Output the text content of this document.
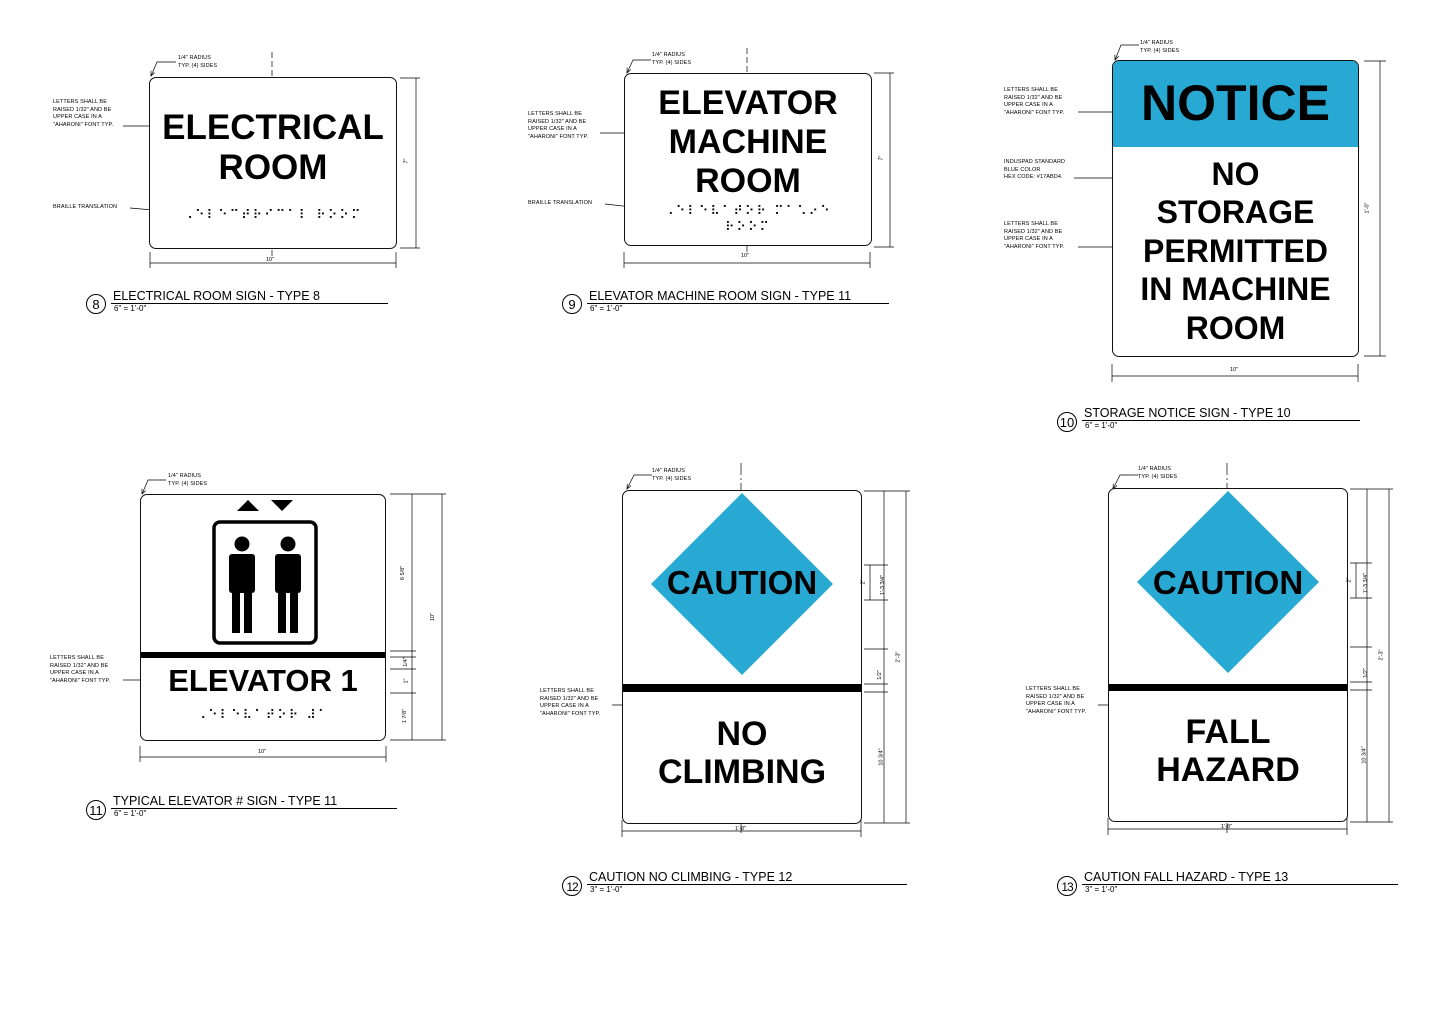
1/4" RADIUS
TYP. (4) SIDES
LETTERS SHALL BE
RAISED 1/32" AND BE
UPPER CASE IN A
"AHARONI" FONT TYP.
BRAILLE TRANSLATION
ELECTRICAL
ROOM
⠠⠑⠇⠑⠉⠞⠗⠊⠉⠁⠇ ⠗⠕⠕⠍
10"
7"
8
ELECTRICAL ROOM SIGN - TYPE 8
6" = 1'-0"
1/4" RADIUS
TYP. (4) SIDES
LETTERS SHALL BE
RAISED 1/32" AND BE
UPPER CASE IN A
"AHARONI" FONT TYP.
BRAILLE TRANSLATION
ELEVATOR
MACHINE
ROOM
⠠⠑⠇⠑⠧⠁⠞⠕⠗ ⠍⠁⠡⠔⠑
⠗⠕⠕⠍
10"
7"
9
ELEVATOR MACHINE ROOM SIGN - TYPE 11
6" = 1'-0"
1/4" RADIUS
TYP. (4) SIDES
LETTERS SHALL BE
RAISED 1/32" AND BE
UPPER CASE IN A
"AHARONI" FONT TYP.
INDUSPAD STANDARD
BLUE COLOR
HEX CODE: #17ABD4.
LETTERS SHALL BE
RAISED 1/32" AND BE
UPPER CASE IN A
"AHARONI" FONT TYP.
NOTICE
NO
STORAGE
PERMITTED
IN MACHINE
ROOM
10"
1'-0"
10
STORAGE NOTICE SIGN - TYPE 10
6" = 1'-0"
1/4" RADIUS
TYP. (4) SIDES
LETTERS SHALL BE
RAISED 1/32" AND BE
UPPER CASE IN A
"AHARONI" FONT TYP.	ELEVATOR 1
⠠⠑⠇⠑⠧⠁⠞⠕⠗ ⠼⠁
10"
10"
6 5/8"
1/4"
1"
1 7/8"
11
TYPICAL ELEVATOR # SIGN - TYPE 11
6" = 1'-0"
1/4" RADIUS
TYP. (4) SIDES
LETTERS SHALL BE
RAISED 1/32" AND BE
UPPER CASE IN A
"AHARONI" FONT TYP.
CAUTION
NO
CLIMBING
1'-8"
2'-3"
1'-3 3/4"
2"
1/2"
10 3/4"
12
CAUTION NO CLIMBING - TYPE 12
3" = 1'-0"
1/4" RADIUS
TYP. (4) SIDES
LETTERS SHALL BE
RAISED 1/32" AND BE
UPPER CASE IN A
"AHARONI" FONT TYP.
CAUTION
FALL
HAZARD
1'-8"
2'-3"
1'-3 3/4"
2"
1/2"
10 3/4"
13
CAUTION FALL HAZARD - TYPE 13
3" = 1'-0"
